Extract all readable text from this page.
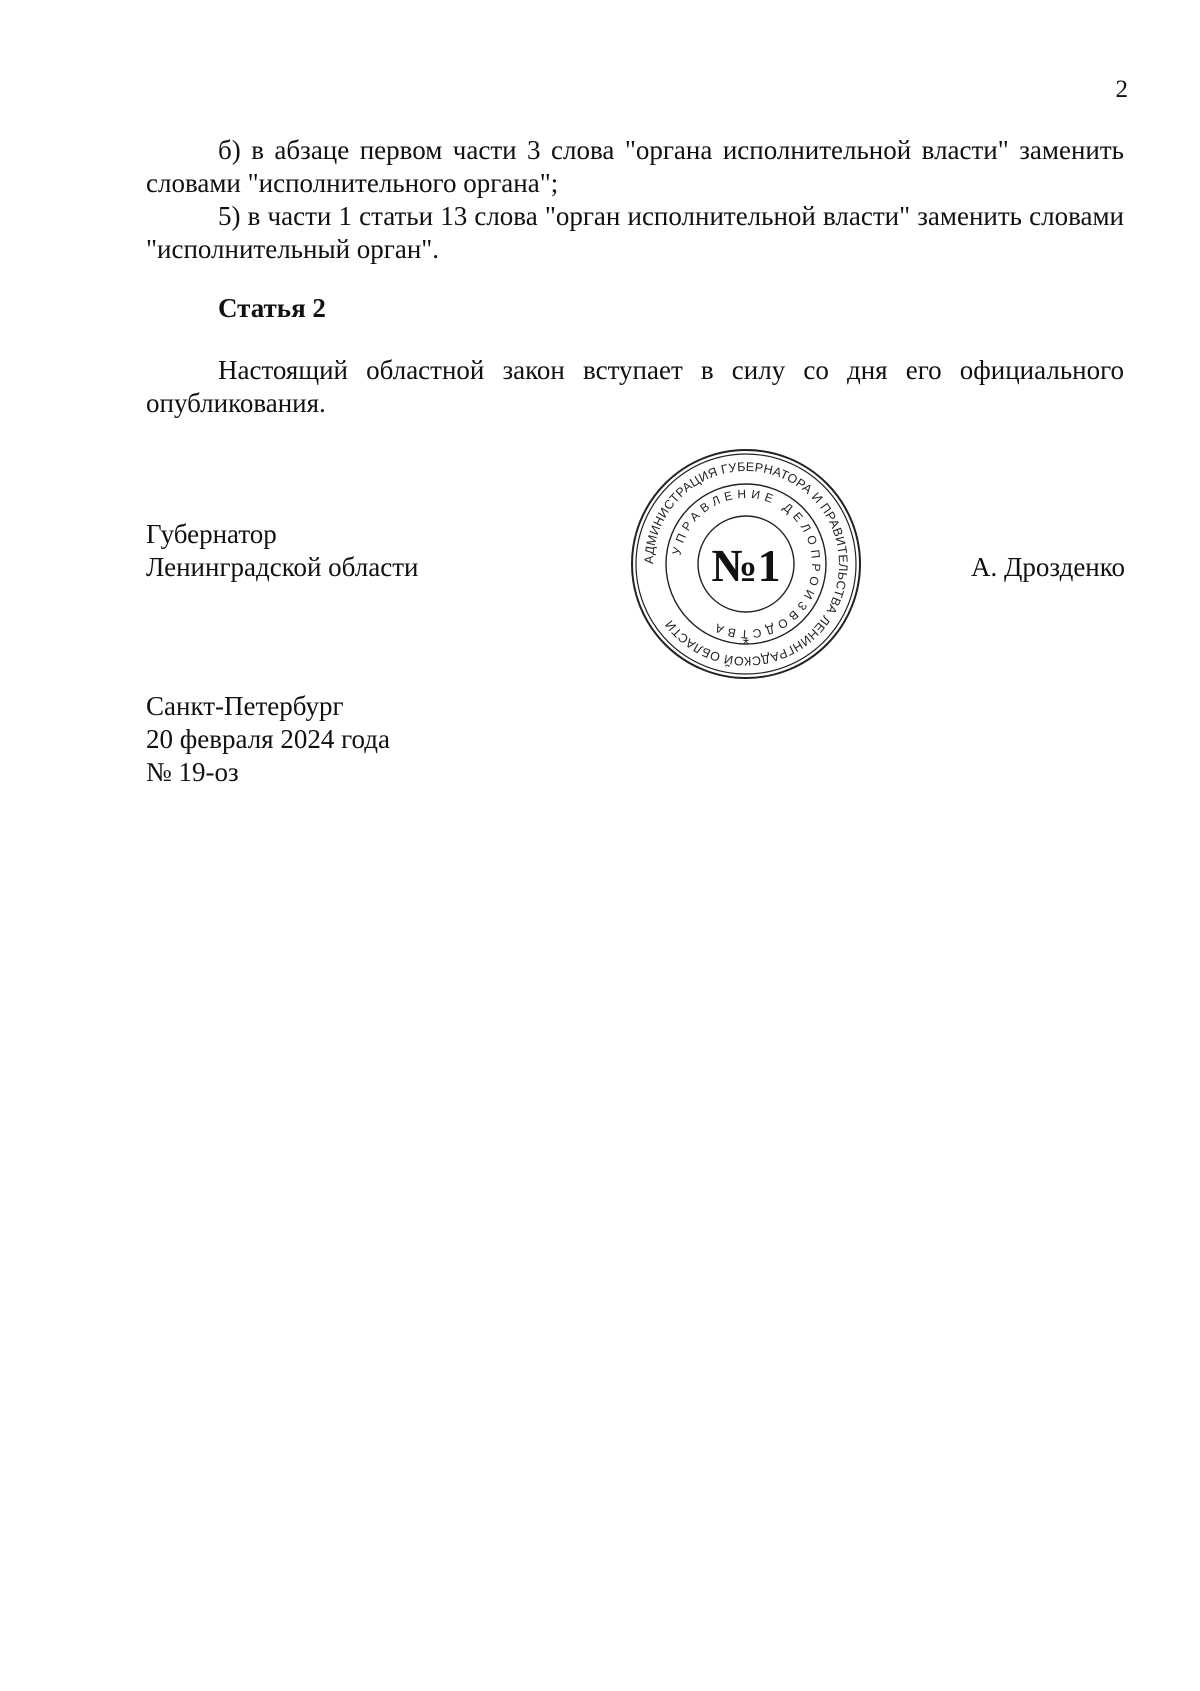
2

б) в абзаце первом части 3 слова "органа исполнительной власти" заменить словами "исполнительного органа";

5) в части 1 статьи 13 слова "орган исполнительной власти" заменить словами "исполнительный орган".

Статья 2

Настоящий областной закон вступает в силу со дня его официального опубликования.

Губернатор
Ленинградской области	АДМИНИСТРАЦИЯ ГУБЕРНАТОРА И ПРАВИТЕЛЬСТВА ЛЕНИНГРАДСКОЙ ОБЛАСТИ
УПРАВЛЕНИЕ ДЕЛОПРОИЗВОДСТВА
№1
*
А. Дрозденко
Санкт-Петербург
20 февраля 2024 года
№ 19-оз
